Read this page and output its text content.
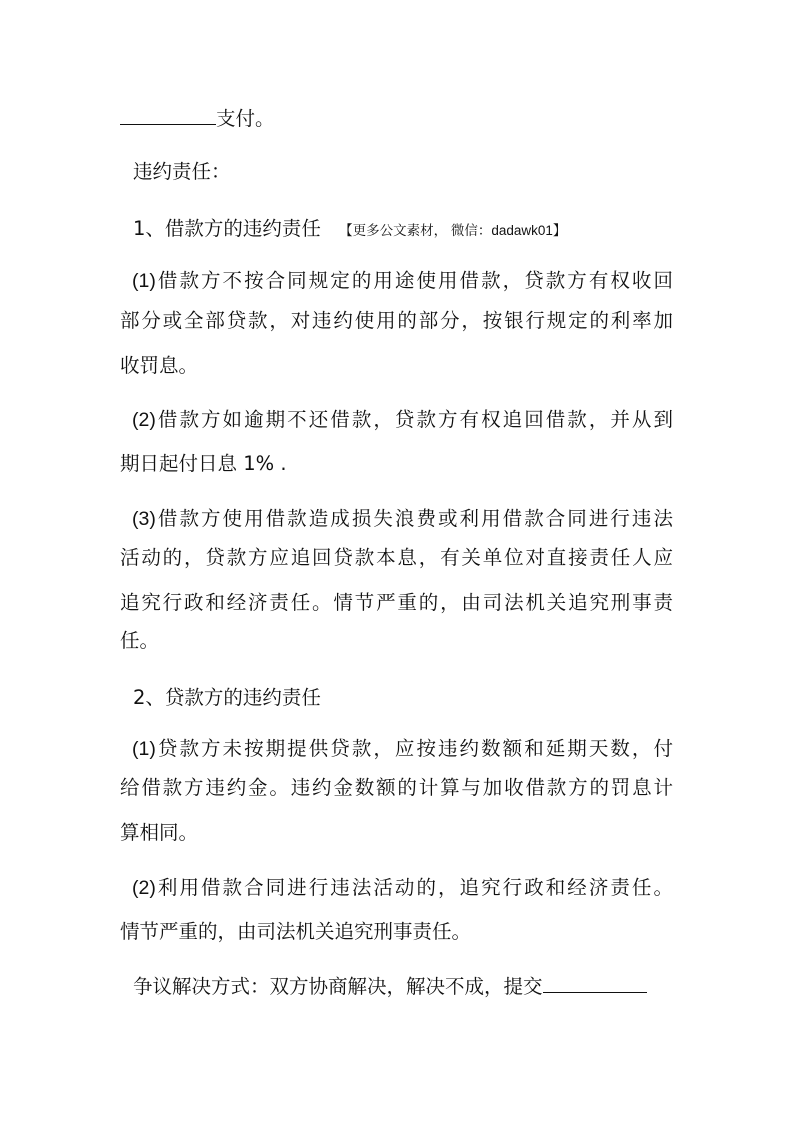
支付。
违约责任：
1、借款方的违约责任 【更多公文素材， 微信：dadawk01】
(1)借款方不按合同规定的用途使用借款，贷款方有权收回
部分或全部贷款，对违约使用的部分，按银行规定的利率加
收罚息。
(2)借款方如逾期不还借款，贷款方有权追回借款，并从到
期日起付日息 1% .
(3)借款方使用借款造成损失浪费或利用借款合同进行违法
活动的，贷款方应追回贷款本息，有关单位对直接责任人应
追究行政和经济责任。情节严重的，由司法机关追究刑事责
任。
2、贷款方的违约责任
(1)贷款方未按期提供贷款，应按违约数额和延期天数，付
给借款方违约金。违约金数额的计算与加收借款方的罚息计
算相同。
(2)利用借款合同进行违法活动的，追究行政和经济责任。
情节严重的，由司法机关追究刑事责任。
争议解决方式：双方协商解决，解决不成，提交
